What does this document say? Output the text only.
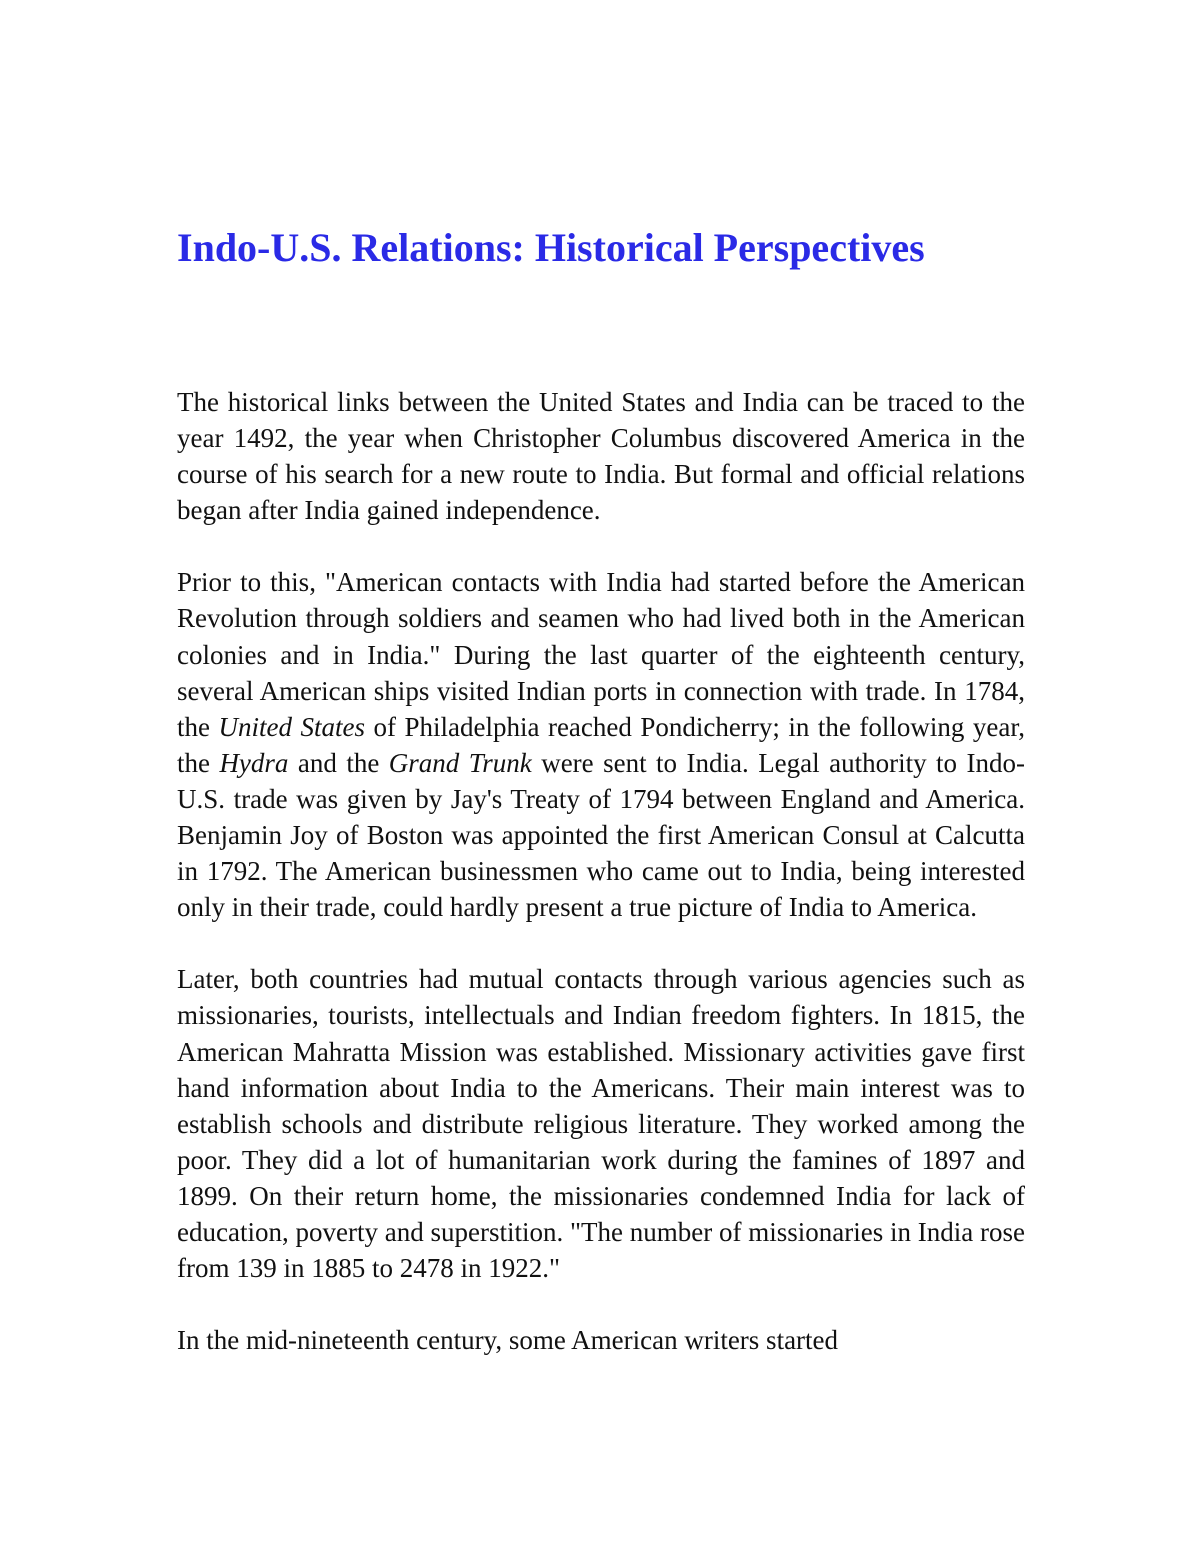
Indo-U.S. Relations: Historical Perspectives

The historical links between the United States and India can be traced to the year 1492, the year when Christopher Columbus discovered America in the course of his search for a new route to India. But formal and official relations began after India gained independence.

Prior to this, "American contacts with India had started before the American Revolution through soldiers and seamen who had lived both in the American colonies and in India." During the last quarter of the eighteenth century, several American ships visited Indian ports in connection with trade. In 1784, the United States of Philadelphia reached Pondicherry; in the following year, the Hydra and the Grand Trunk were sent to India. Legal authority to Indo-U.S. trade was given by Jay's Treaty of 1794 between England and America. Benjamin Joy of Boston was appointed the first American Consul at Calcutta in 1792. The American businessmen who came out to India, being interested only in their trade, could hardly present a true picture of India to America.

Later, both countries had mutual contacts through various agencies such as missionaries, tourists, intellectuals and Indian freedom fighters. In 1815, the American Mahratta Mission was established. Missionary activities gave first hand information about India to the Americans. Their main interest was to establish schools and distribute religious literature. They worked among the poor. They did a lot of humanitarian work during the famines of 1897 and 1899. On their return home, the missionaries condemned India for lack of education, poverty and superstition. "The number of missionaries in India rose from 139 in 1885 to 2478 in 1922."

In the mid-nineteenth century, some American writers started
